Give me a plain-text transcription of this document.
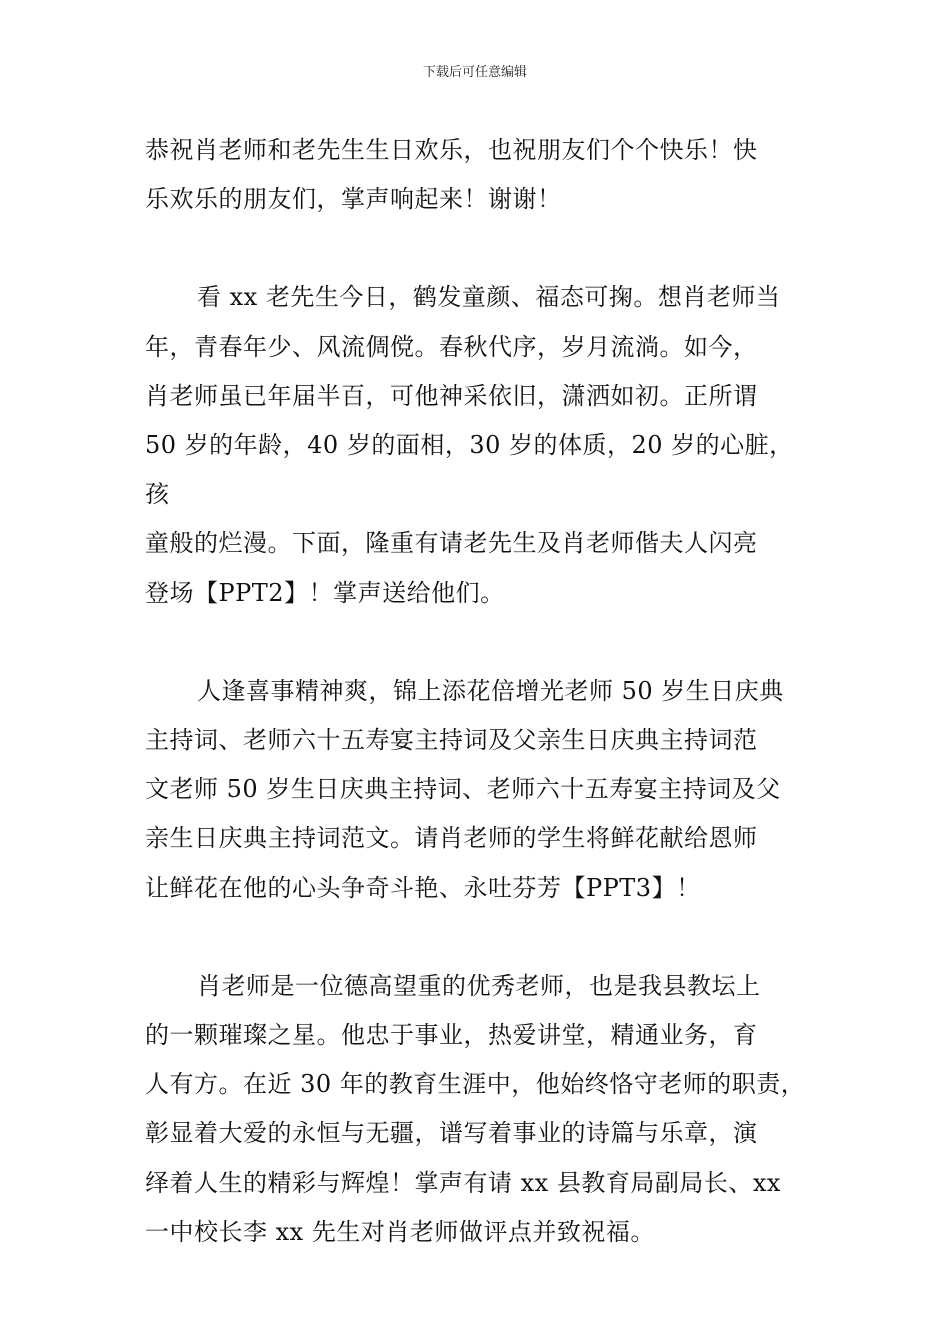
下载后可任意编辑

恭祝肖老师和老先生生日欢乐，也祝朋友们个个快乐！快

乐欢乐的朋友们，掌声响起来！谢谢！

看 xx 老先生今日，鹤发童颜、福态可掬。想肖老师当

年，青春年少、风流倜傥。春秋代序，岁月流淌。如今，

肖老师虽已年届半百，可他神采依旧，潇洒如初。正所谓

50 岁的年龄，40 岁的面相，30 岁的体质，20 岁的心脏，孩

童般的烂漫。下面，隆重有请老先生及肖老师偕夫人闪亮

登场【PPT2】！掌声送给他们。

人逢喜事精神爽，锦上添花倍增光老师 50 岁生日庆典

主持词、老师六十五寿宴主持词及父亲生日庆典主持词范

文老师 50 岁生日庆典主持词、老师六十五寿宴主持词及父

亲生日庆典主持词范文。请肖老师的学生将鲜花献给恩师

让鲜花在他的心头争奇斗艳、永吐芬芳【PPT3】！

肖老师是一位德高望重的优秀老师，也是我县教坛上

的一颗璀璨之星。他忠于事业，热爱讲堂，精通业务，育

人有方。在近 30 年的教育生涯中，他始终恪守老师的职责，

彰显着大爱的永恒与无疆，谱写着事业的诗篇与乐章，演

绎着人生的精彩与辉煌！掌声有请 xx 县教育局副局长、xx

一中校长李 xx 先生对肖老师做评点并致祝福。
